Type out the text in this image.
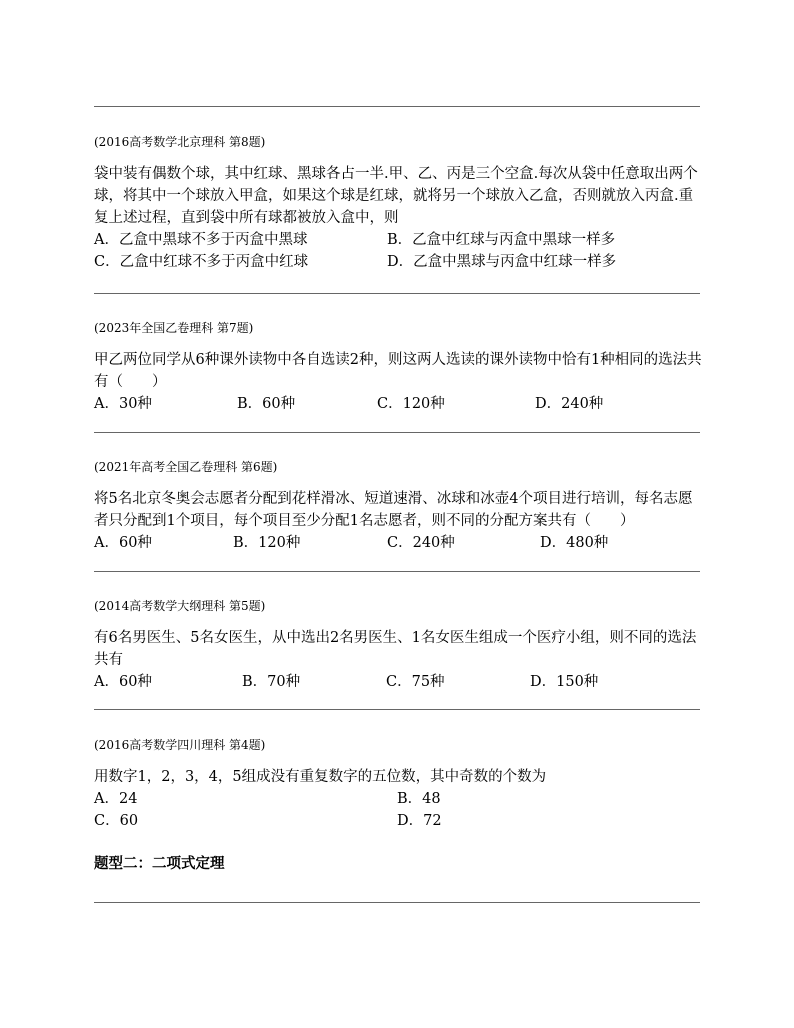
(2016高考数学北京理科 第8题)

袋中装有偶数个球，其中红球、黑球各占一半.甲、乙、丙是三个空盒.每次从袋中任意取出两个球，将其中一个球放入甲盒，如果这个球是红球，就将另一个球放入乙盒，否则就放入丙盒.重复上述过程，直到袋中所有球都被放入盒中，则

A．乙盒中黑球不多于丙盒中黑球	B．乙盒中红球与丙盒中黑球一样多
C．乙盒中红球不多于丙盒中红球	D．乙盒中黑球与丙盒中红球一样多

(2023年全国乙卷理科 第7题)

甲乙两位同学从6种课外读物中各自选读2种，则这两人选读的课外读物中恰有1种相同的选法共有（　　）

A．30种	B．60种	C．120种	D．240种

(2021年高考全国乙卷理科 第6题)

将5名北京冬奥会志愿者分配到花样滑冰、短道速滑、冰球和冰壶4个项目进行培训，每名志愿者只分配到1个项目，每个项目至少分配1名志愿者，则不同的分配方案共有（　　）

A．60种	B．120种	C．240种	D．480种

(2014高考数学大纲理科 第5题)

有6名男医生、5名女医生，从中选出2名男医生、1名女医生组成一个医疗小组，则不同的选法共有

A．60种	B．70种	C．75种	D．150种

(2016高考数学四川理科 第4题)

用数字1，2，3，4，5组成没有重复数字的五位数，其中奇数的个数为

A．24	B．48
C．60	D．72
题型二：二项式定理
